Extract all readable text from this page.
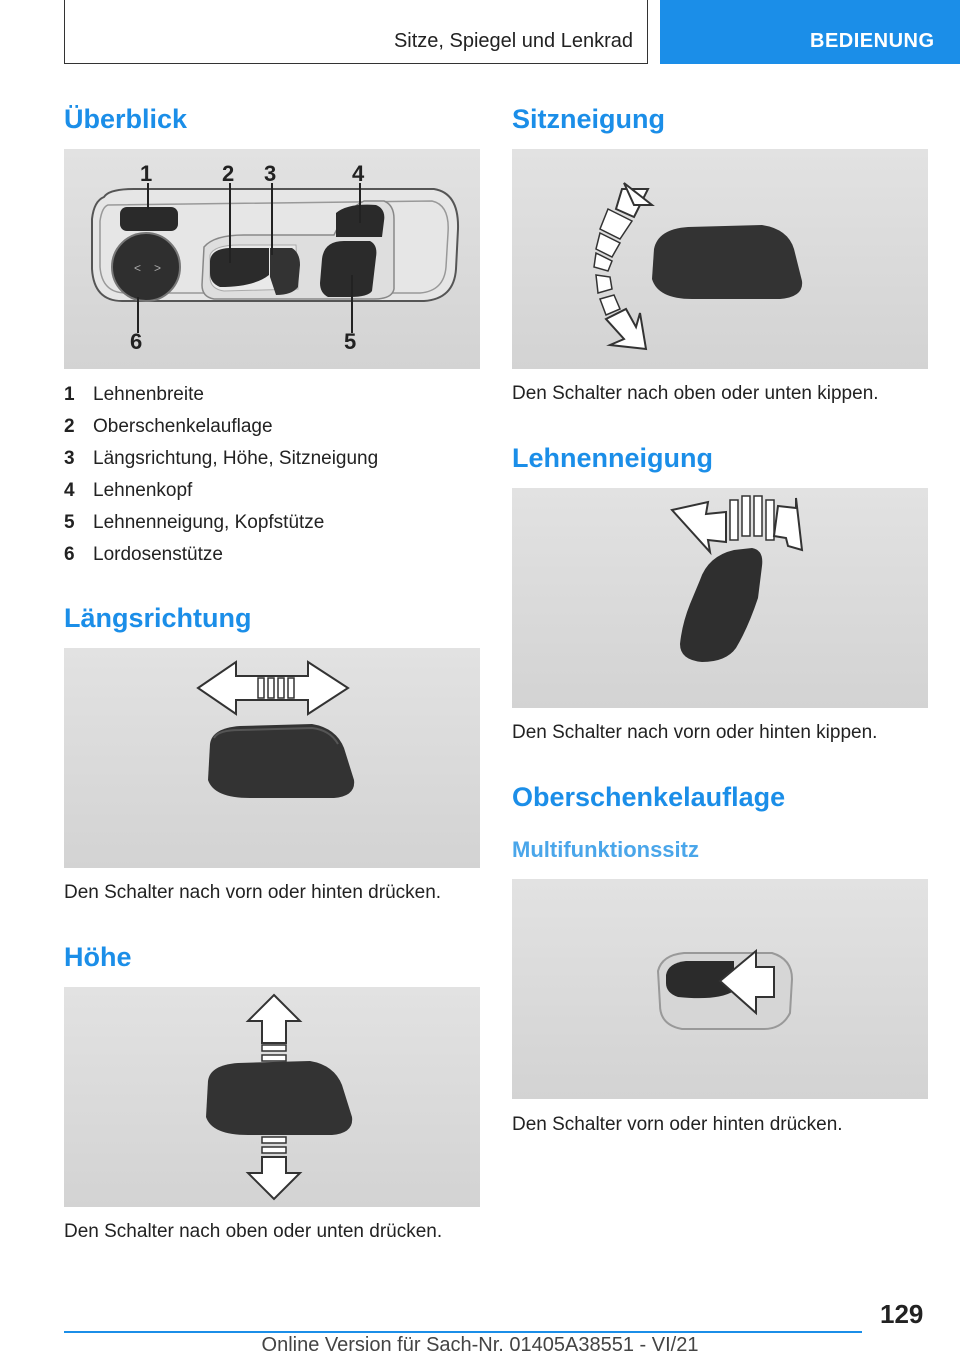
Sitze, Spiegel und Lenkrad	BEDIENUNG
Überblick
< >
1	2 3	4
6	5
1 Lehnenbreite
2 Oberschenkelauflage
3 Längsrichtung, Höhe, Sitzneigung
4 Lehnenkopf
5 Lehnenneigung, Kopfstütze
6 Lordosenstütze
Längsrichtung

Den Schalter nach vorn oder hinten drücken.

Höhe

Den Schalter nach oben oder unten drücken.

Sitzneigung

Den Schalter nach oben oder unten kippen.

Lehnenneigung

Den Schalter nach vorn oder hinten kippen.

Oberschenkelauflage
Multifunktionssitz

Den Schalter vorn oder hinten drücken.

129
Online Version für Sach-Nr. 01405A38551 - VI/21
